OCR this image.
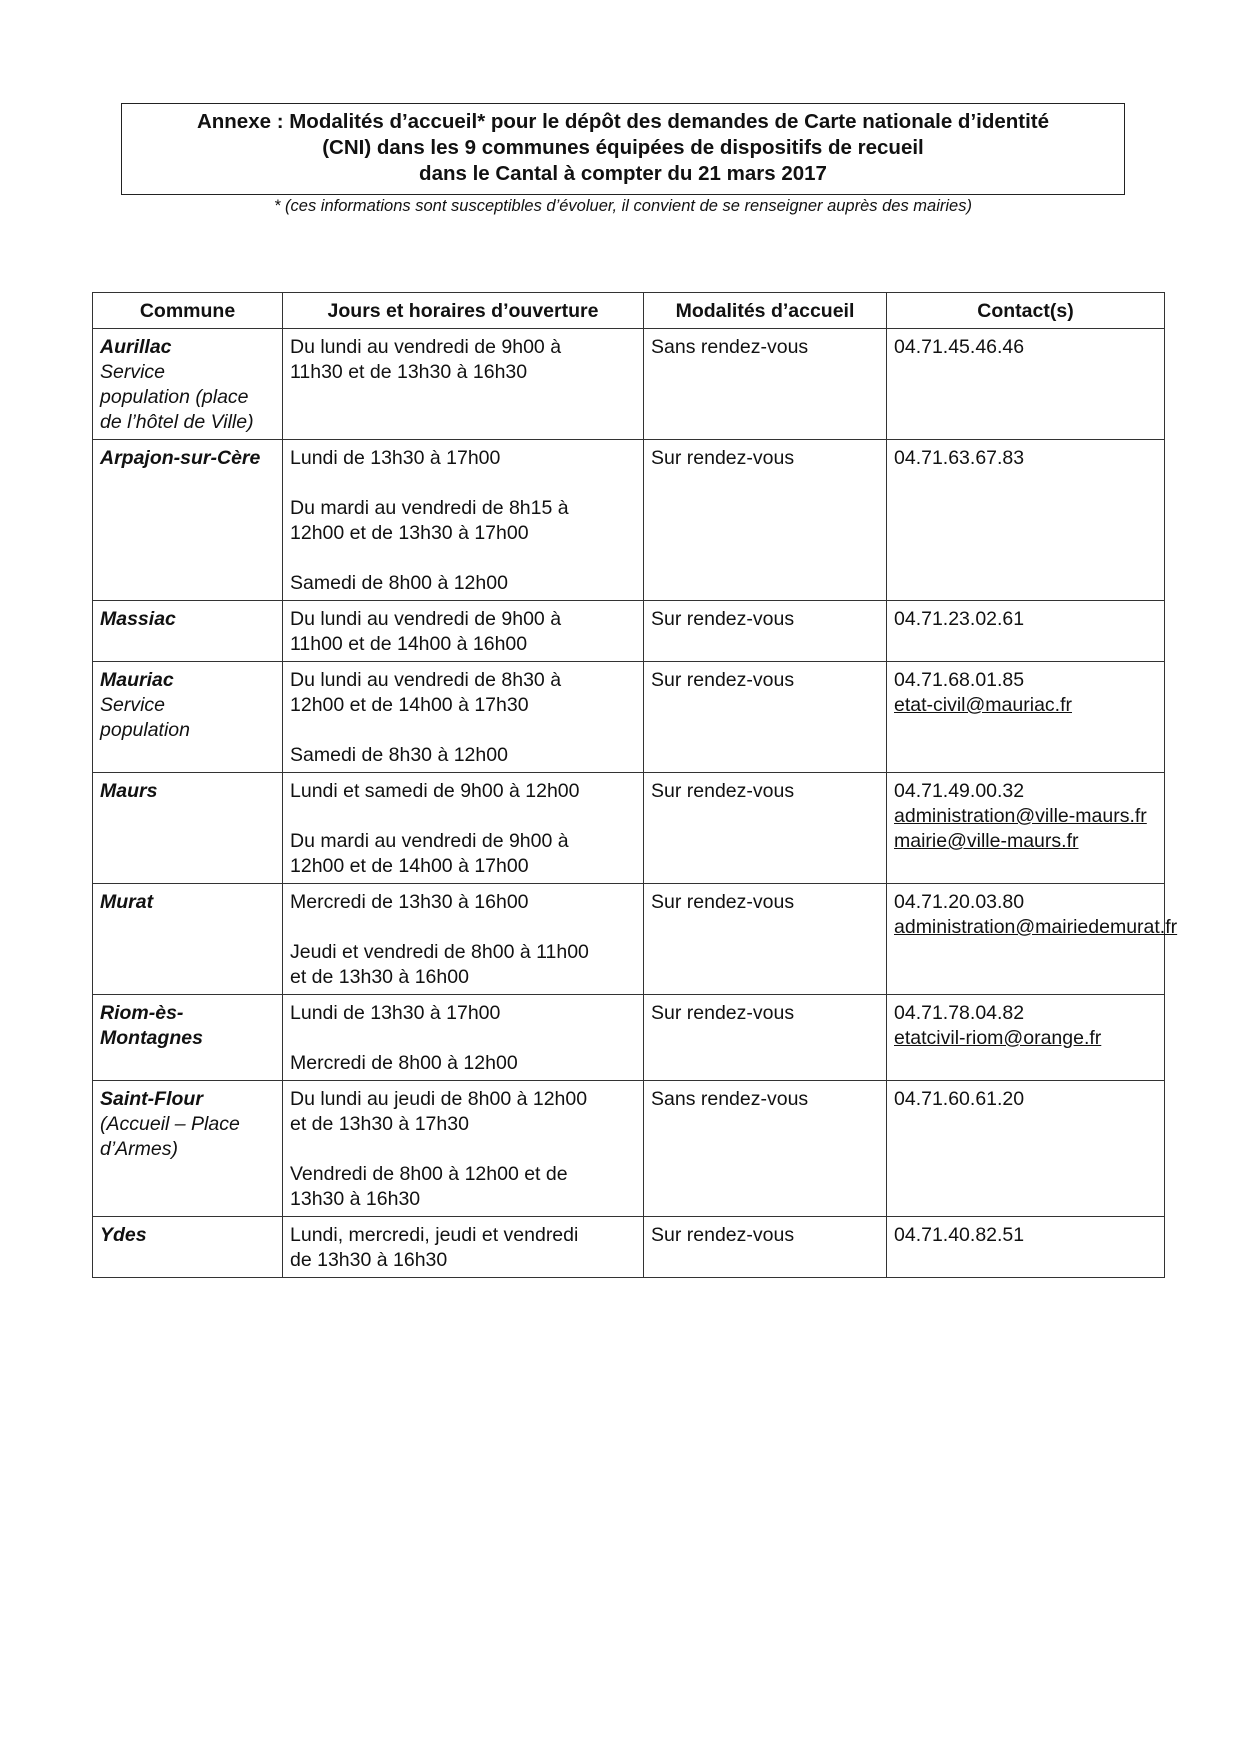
Annexe : Modalités d’accueil* pour le dépôt des demandes de Carte nationale d’identité
(CNI) dans les 9 communes équipées de dispositifs de recueil
dans le Cantal à compter du 21 mars 2017
* (ces informations sont susceptibles d’évoluer, il convient de se renseigner auprès des mairies)
Commune	Jours et horaires d’ouverture	Modalités d’accueil	Contact(s)

Aurillac
Service
population (place
de l’hôtel de Ville)	Du lundi au vendredi de 9h00 à
11h30 et de 13h30 à 16h30	Sans rendez-vous	04.71.45.46.46

Arpajon-sur-Cère	Lundi de 13h30 à 17h00
Du mardi au vendredi de 8h15 à
12h00 et de 13h30 à 17h00
Samedi de 8h00 à 12h00	Sur rendez-vous	04.71.63.67.83

Massiac	Du lundi au vendredi de 9h00 à
11h00 et de 14h00 à 16h00	Sur rendez-vous	04.71.23.02.61

Mauriac
Service
population	Du lundi au vendredi de 8h30 à
12h00 et de 14h00 à 17h30
Samedi de 8h30 à 12h00	Sur rendez-vous	04.71.68.01.85
etat-civil@mauriac.fr

Maurs	Lundi et samedi de 9h00 à 12h00
Du mardi au vendredi de 9h00 à
12h00 et de 14h00 à 17h00	Sur rendez-vous	04.71.49.00.32
administration@ville-maurs.fr
mairie@ville-maurs.fr

Murat	Mercredi de 13h30 à 16h00
Jeudi et vendredi de 8h00 à 11h00
et de 13h30 à 16h00	Sur rendez-vous	04.71.20.03.80
administration@mairiedemurat.fr

Riom-ès-Montagnes	Lundi de 13h30 à 17h00
Mercredi de 8h00 à 12h00	Sur rendez-vous	04.71.78.04.82
etatcivil-riom@orange.fr

Saint-Flour
(Accueil – Place
d’Armes)	Du lundi au jeudi de 8h00 à 12h00
et de 13h30 à 17h30
Vendredi de 8h00 à 12h00 et de
13h30 à 16h30	Sans rendez-vous	04.71.60.61.20

Ydes	Lundi, mercredi, jeudi et vendredi
de 13h30 à 16h30	Sur rendez-vous	04.71.40.82.51
